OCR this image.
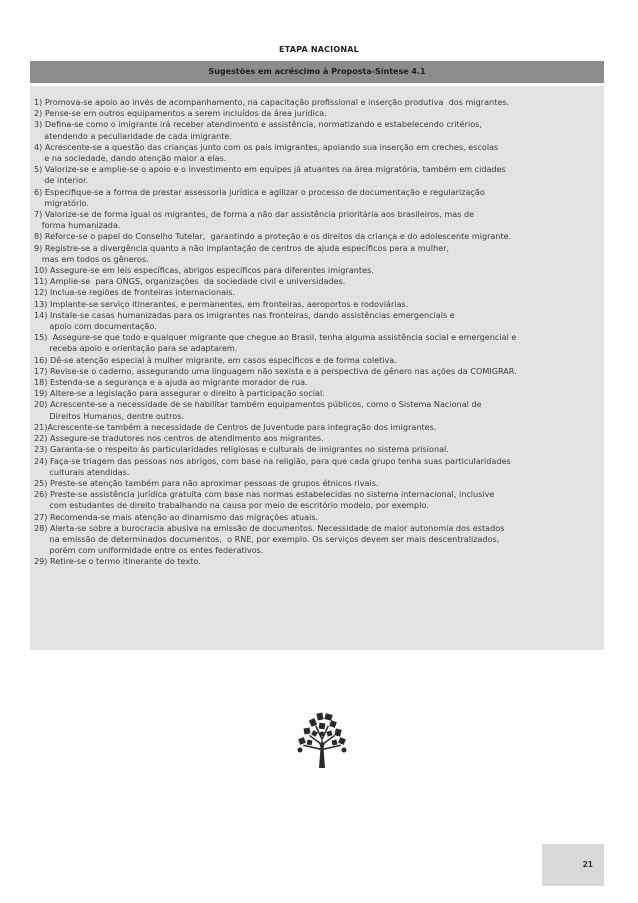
ETAPA NACIONAL
Sugestões em acréscimo à Proposta-Síntese 4.1
1) Promova-se apoio ao invés de acompanhamento, na capacitação profissional e inserção produtiva  dos migrantes.
2) Pense-se em outros equipamentos a serem incluídos da área jurídica.
3) Defina-se como o imigrante irá receber atendimento e assistência, normatizando e estabelecendo critérios,
atendendo a peculiaridade de cada imigrante.
4) Acrescente-se a questão das crianças junto com os pais imigrantes, apoiando sua inserção em creches, escolas
e na sociedade, dando atenção maior a elas.
5) Valorize-se e amplie-se o apoio e o investimento em equipes já atuantes na área migratória, também em cidades
de interior.
6) Especifique-se a forma de prestar assessoria jurídica e agilizar o processo de documentação e regularização
migratório.
7) Valorize-se de forma igual os migrantes, de forma a não dar assistência prioritária aos brasileiros, mas de
forma humanizada.
8) Reforce-se o papel do Conselho Tutelar,  garantindo a proteção e os direitos da criança e do adolescente migrante.
9) Registre-se a divergência quanto a não implantação de centros de ajuda específicos para a mulher,
mas em todos os gêneros.
10) Assegure-se em leis específicas, abrigos específicos para diferentes imigrantes.
11) Amplie-se  para ONGS, organizações  da sociedade civil e universidades.
12) Inclua-se regiões de fronteiras internacionais.
13) Implante-se serviço itinerantes, e permanentes, em fronteiras, aeroportos e rodoviárias.
14) Instale-se casas humanizadas para os imigrantes nas fronteiras, dando assistências emergenciais e
apoio com documentação.
15)  Assegure-se que todo e qualquer migrante que chegue ao Brasil, tenha alguma assistência social e emergencial e
receba apoio e orientação para se adaptarem.
16) Dê-se atenção especial à mulher migrante, em casos específicos e de forma coletiva.
17) Revise-se o caderno, assegurando uma linguagem não sexista e a perspectiva de gênero nas ações da COMIGRAR.
18) Estenda-se a segurança e a ajuda ao migrante morador de rua.
19) Altere-se a legislação para assegurar o direito à participação social.
20) Acrescente-se a necessidade de se habilitar também equipamentos públicos, como o Sistema Nacional de
Direitos Humanos, dentre outros.
21)Acrescente-se também a necessidade de Centros de Juventude para integração dos imigrantes.
22) Assegure-se tradutores nos centros de atendimento aos migrantes.
23) Garanta-se o respeito às particularidades religiosas e culturais de imigrantes no sistema prisional.
24) Faça-se triagem das pessoas nos abrigos, com base na religião, para que cada grupo tenha suas particularidades
culturais atendidas.
25) Preste-se atenção também para não aproximar pessoas de grupos étnicos rivais.
26) Preste-se assistência jurídica gratuita com base nas normas estabelecidas no sistema internacional, inclusive
com estudantes de direito trabalhando na causa por meio de escritório modelo, por exemplo.
27) Recomenda-se mais atenção ao dinamismo das migrações atuais.
28) Alerta-se sobre a burocracia abusiva na emissão de documentos. Necessidade de maior autonomia dos estados
na emissão de determinados documentos,  o RNE, por exemplo. Os serviços devem ser mais descentralizados,
porém com uniformidade entre os entes federativos.
29) Retire-se o termo itinerante do texto.
21
